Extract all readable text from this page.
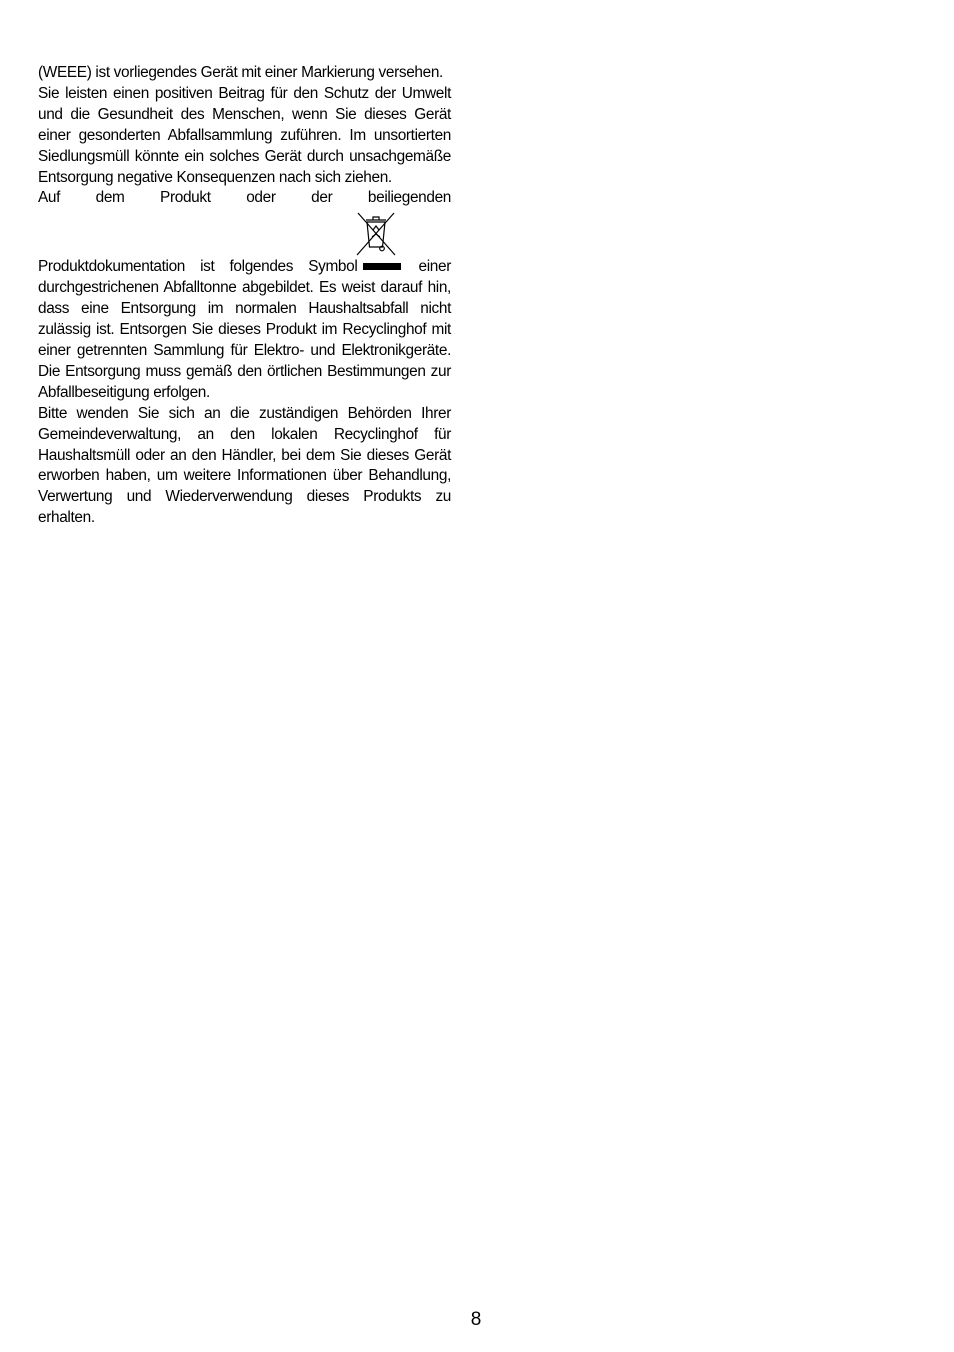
(WEEE) ist vorliegendes Gerät mit einer Markierung versehen.

Sie leisten einen positiven Beitrag für den Schutz der Umwelt und die Gesundheit des Menschen, wenn Sie dieses Gerät einer gesonderten Abfallsammlung zuführen. Im unsortierten Siedlungsmüll könnte ein solches Gerät durch unsachgemäße Entsorgung negative Konsequenzen nach sich ziehen.

Auf dem Produkt oder der beiliegenden
Produktdokumentation ist folgendes Symbol	einer

durchgestrichenen Abfalltonne abgebildet. Es weist darauf hin, dass eine Entsorgung im normalen Haushaltsabfall nicht zulässig ist. Entsorgen Sie dieses Produkt im Recyclinghof mit einer getrennten Sammlung für Elektro- und Elektronikgeräte. Die Entsorgung muss gemäß den örtlichen Bestimmungen zur Abfallbeseitigung erfolgen.

Bitte wenden Sie sich an die zuständigen Behörden Ihrer Gemeindeverwaltung, an den lokalen Recyclinghof für Haushaltsmüll oder an den Händler, bei dem Sie dieses Gerät erworben haben, um weitere Informationen über Behandlung, Verwertung und Wiederverwendung dieses Produkts zu erhalten.

8
